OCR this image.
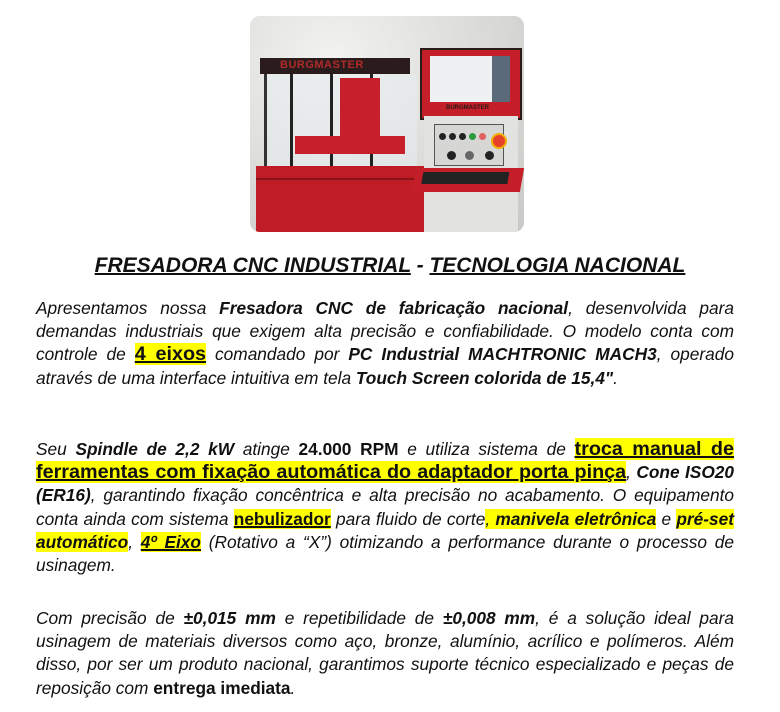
BURGMASTER
BURGMASTER
FRESADORA CNC INDUSTRIAL - TECNOLOGIA NACIONAL
Apresentamos nossa Fresadora CNC de fabricação nacional, desenvolvida para demandas industriais que exigem alta precisão e confiabilidade. O modelo conta com controle de 4 eixos comandado por PC Industrial MACHTRONIC MACH3, operado através de uma interface intuitiva em tela Touch Screen colorida de 15,4".
Seu Spindle de 2,2 kW atinge 24.000 RPM e utiliza sistema de troca manual de ferramentas com fixação automática do adaptador porta pinça, Cone ISO20 (ER16), garantindo fixação concêntrica e alta precisão no acabamento. O equipamento conta ainda com sistema nebulizador para fluido de corte, manivela eletrônica e pré-set automático, 4º Eixo (Rotativo a “X”) otimizando a performance durante o processo de usinagem.
Com precisão de ±0,015 mm e repetibilidade de ±0,008 mm, é a solução ideal para usinagem de materiais diversos como aço, bronze, alumínio, acrílico e polímeros. Além disso, por ser um produto nacional, garantimos suporte técnico especializado e peças de reposição com entrega imediata.
